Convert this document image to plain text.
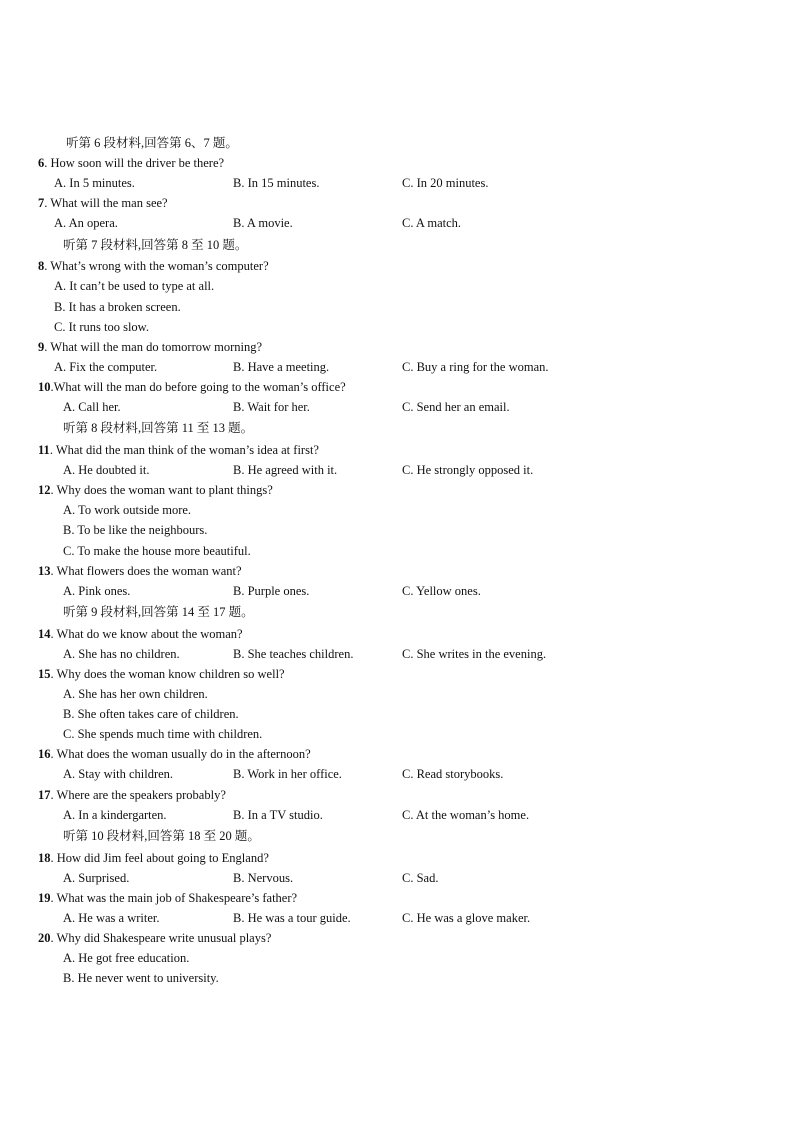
听第 6 段材料,回答第 6、7 题。
6. How soon will the driver be there?
A. In 5 minutes.	B. In 15 minutes.	C. In 20 minutes.
7. What will the man see?
A. An opera.	B. A movie.	C. A match.
听第 7 段材料,回答第 8 至 10 题。
8. What’s wrong with the woman’s computer?
A. It can’t be used to type at all.
B. It has a broken screen.
C. It runs too slow.
9. What will the man do tomorrow morning?
A. Fix the computer.	B. Have a meeting.	C. Buy a ring for the woman.
10.What will the man do before going to the woman’s office?
A. Call her.	B. Wait for her.	C. Send her an email.
听第 8 段材料,回答第 11 至 13 题。
11. What did the man think of the woman’s idea at first?
A. He doubted it.	B. He agreed with it.	C. He strongly opposed it.
12. Why does the woman want to plant things?
A. To work outside more.
B. To be like the neighbours.
C. To make the house more beautiful.
13. What flowers does the woman want?
A. Pink ones.	B. Purple ones.	C. Yellow ones.
听第 9 段材料,回答第 14 至 17 题。
14. What do we know about the woman?
A. She has no children.	B. She teaches children.	C. She writes in the evening.
15. Why does the woman know children so well?
A. She has her own children.
B. She often takes care of children.
C. She spends much time with children.
16. What does the woman usually do in the afternoon?
A. Stay with children.	B. Work in her office.	C. Read storybooks.
17. Where are the speakers probably?
A. In a kindergarten.	B. In a TV studio.	C. At the woman’s home.
听第 10 段材料,回答第 18 至 20 题。
18. How did Jim feel about going to England?
A. Surprised.	B. Nervous.	C. Sad.
19. What was the main job of Shakespeare’s father?
A. He was a writer.	B. He was a tour guide.	C. He was a glove maker.
20. Why did Shakespeare write unusual plays?
A. He got free education.
B. He never went to university.
